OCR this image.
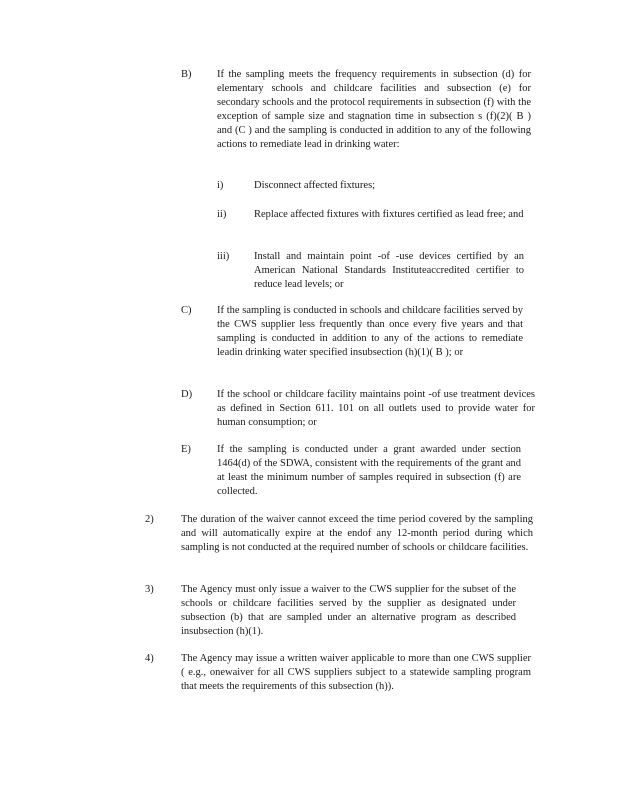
B) If the sampling meets the frequency requirements in subsection (d) for elementary schools and childcare facilities and subsection (e) for secondary schools and the protocol requirements in subsection (f) with the exception of sample size and stagnation time in subsection s (f)(2)( B ) and (C ) and the sampling is conducted in addition to any of the following actions to remediate lead in drinking water:
i)	Disconnect affected fixtures;
ii)	Replace affected fixtures with fixtures certified as lead free; and
iii) Install and maintain point -of -use devices certified by an American National Standards Instituteaccredited certifier to reduce lead levels; or
C) If the sampling is conducted in schools and childcare facilities served by the CWS supplier less frequently than once every five years and that sampling is conducted in addition to any of the actions to remediate leadin drinking water specified insubsection (h)(1)( B ); or
D) If the school or childcare facility maintains point -of use treatment devices as defined in Section 611. 101 on all outlets used to provide water for human consumption; or
E) If the sampling is conducted under a grant awarded under section 1464(d) of the SDWA, consistent with the requirements of the grant and at least the minimum number of samples required in subsection (f) are collected.
2)	The duration of the waiver cannot exceed the time period covered by the sampling and will automatically expire at the endof any 12-month period during which sampling is not conducted at the required number of schools or childcare facilities.
3)	The Agency must only issue a waiver to the CWS supplier for the subset of the schools or childcare facilities served by the supplier as designated under subsection (b) that are sampled under an alternative program as described insubsection (h)(1).
4)	The Agency may issue a written waiver applicable to more than one CWS supplier ( e.g., onewaiver for all CWS suppliers subject to a statewide sampling program that meets the requirements of this subsection (h)).
